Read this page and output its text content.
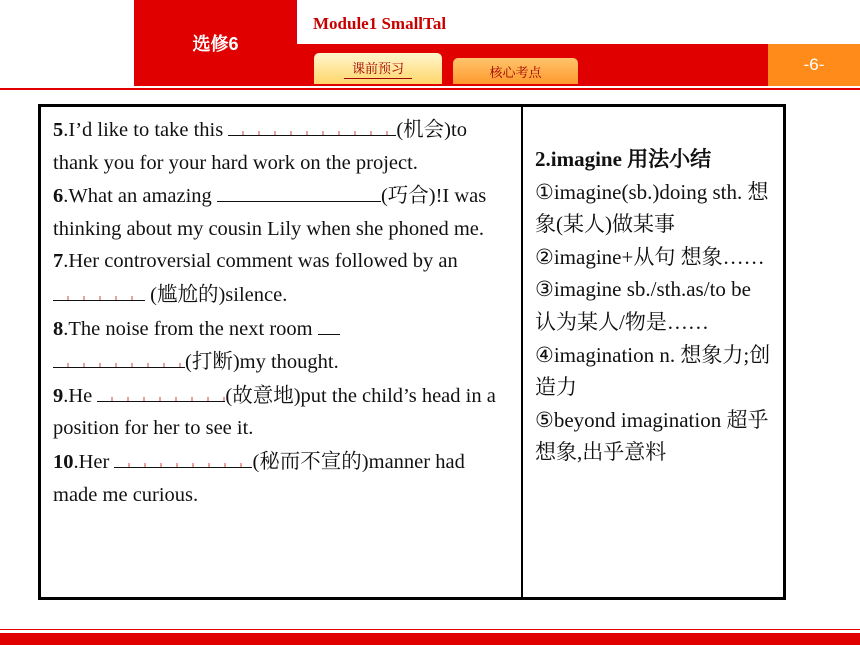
选修6
Module1 SmallTal
课前预习	核心考点	-6-

5.I’d like to take this	(机会)to thank you for your hard work on the project.

6.What an amazing	(巧合)!I was thinking about my cousin Lily when she phoned me.

7.Her controversial comment was followed by an
(尴尬的)silence.

8.The noise from the next room

(打断)my thought.

9.He	(故意地)put the child’s head in a position for her to see it.

10.Her	(秘而不宣的)manner had made me curious.

2.imagine 用法小结
①imagine(sb.)doing sth. 想象(某人)做某事
②imagine+从句 想象……
③imagine sb./sth.as/to be 认为某人/物是……
④imagination n. 想象力;创造力
⑤beyond imagination 超乎想象,出乎意料
